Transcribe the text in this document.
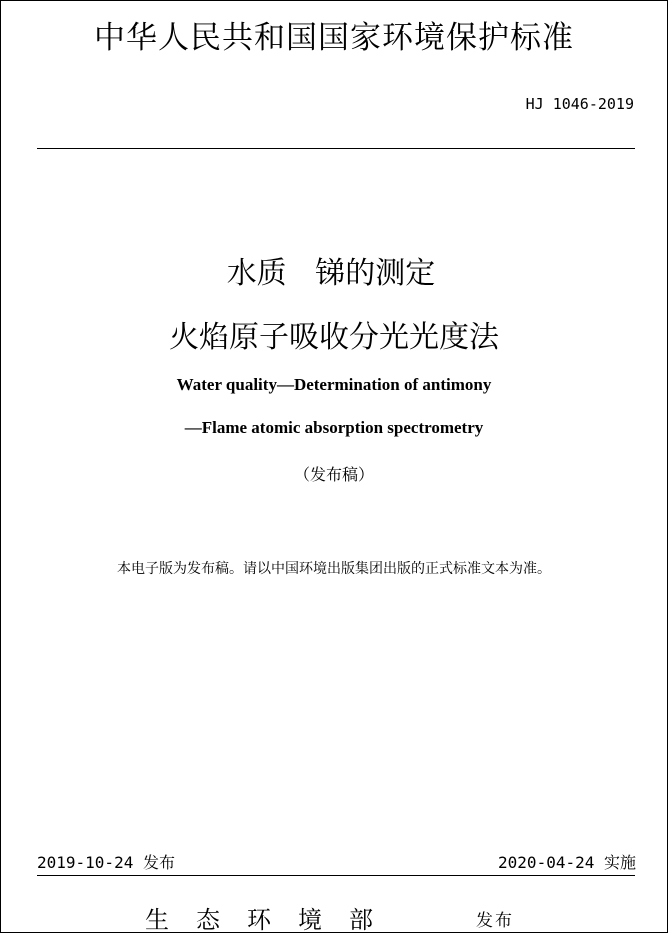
中华人民共和国国家环境保护标准
HJ 1046-2019
水质   锑的测定
火焰原子吸收分光光度法
Water quality—Determination of antimony
—Flame atomic absorption spectrometry
（发布稿）
本电子版为发布稿。请以中国环境出版集团出版的正式标准文本为准。
2019-10-24 发布	2020-04-24 实施
生态环境部	发布
